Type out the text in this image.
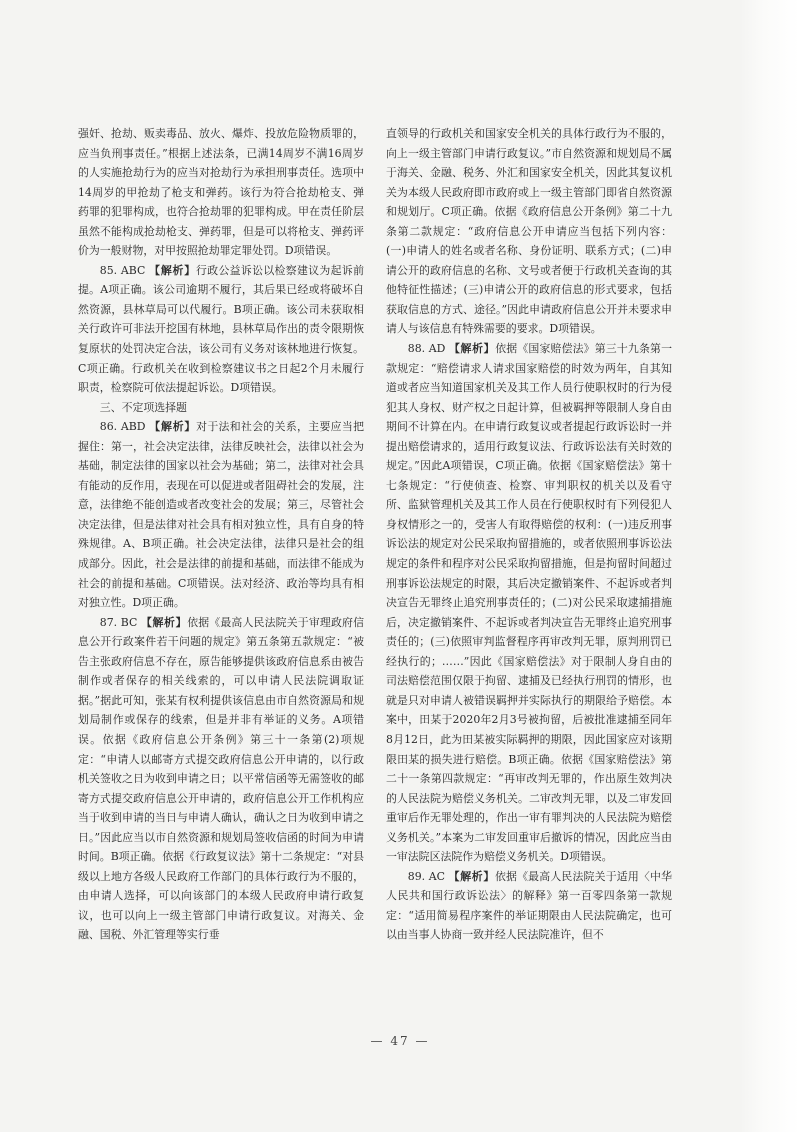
强奸、抢劫、贩卖毒品、放火、爆炸、投放危险物质罪的，应当负刑事责任。”根据上述法条，已满14周岁不满16周岁的人实施抢劫行为的应当对抢劫行为承担刑事责任。选项中14周岁的甲抢劫了枪支和弹药。该行为符合抢劫枪支、弹药罪的犯罪构成，也符合抢劫罪的犯罪构成。甲在责任阶层虽然不能构成抢劫枪支、弹药罪，但是可以将枪支、弹药评价为一般财物，对甲按照抢劫罪定罪处罚。D项错误。

85. ABC 【解析】行政公益诉讼以检察建议为起诉前提。A项正确。该公司逾期不履行，其后果已经或将破坏自然资源，县林草局可以代履行。B项正确。该公司未获取相关行政许可非法开挖国有林地，县林草局作出的责令限期恢复原状的处罚决定合法，该公司有义务对该林地进行恢复。C项正确。行政机关在收到检察建议书之日起2个月未履行职责，检察院可依法提起诉讼。D项错误。

三、不定项选择题

86. ABD 【解析】对于法和社会的关系，主要应当把握住：第一，社会决定法律，法律反映社会，法律以社会为基础，制定法律的国家以社会为基础；第二，法律对社会具有能动的反作用，表现在可以促进或者阻碍社会的发展，注意，法律绝不能创造或者改变社会的发展；第三，尽管社会决定法律，但是法律对社会具有相对独立性，具有自身的特殊规律。A、B项正确。社会决定法律，法律只是社会的组成部分。因此，社会是法律的前提和基础，而法律不能成为社会的前提和基础。C项错误。法对经济、政治等均具有相对独立性。D项正确。

87. BC 【解析】依据《最高人民法院关于审理政府信息公开行政案件若干问题的规定》第五条第五款规定：“被告主张政府信息不存在，原告能够提供该政府信息系由被告制作或者保存的相关线索的，可以申请人民法院调取证据。”据此可知，张某有权利提供该信息由市自然资源局和规划局制作或保存的线索，但是并非有举证的义务。A项错误。依据《政府信息公开条例》第三十一条第(2)项规定：“申请人以邮寄方式提交政府信息公开申请的，以行政机关签收之日为收到申请之日；以平常信函等无需签收的邮寄方式提交政府信息公开申请的，政府信息公开工作机构应当于收到申请的当日与申请人确认，确认之日为收到申请之日。”因此应当以市自然资源和规划局签收信函的时间为申请时间。B项正确。依据《行政复议法》第十二条规定：“对县级以上地方各级人民政府工作部门的具体行政行为不服的，由申请人选择，可以向该部门的本级人民政府申请行政复议，也可以向上一级主管部门申请行政复议。对海关、金融、国税、外汇管理等实行垂

直领导的行政机关和国家安全机关的具体行政行为不服的，向上一级主管部门申请行政复议。”市自然资源和规划局不属于海关、金融、税务、外汇和国家安全机关，因此其复议机关为本级人民政府即市政府或上一级主管部门即省自然资源和规划厅。C项正确。依据《政府信息公开条例》第二十九条第二款规定：“政府信息公开申请应当包括下列内容：(一)申请人的姓名或者名称、身份证明、联系方式；(二)申请公开的政府信息的名称、文号或者便于行政机关查询的其他特征性描述；(三)申请公开的政府信息的形式要求，包括获取信息的方式、途径。”因此申请政府信息公开并未要求申请人与该信息有特殊需要的要求。D项错误。

88. AD 【解析】依据《国家赔偿法》第三十九条第一款规定：“赔偿请求人请求国家赔偿的时效为两年，自其知道或者应当知道国家机关及其工作人员行使职权时的行为侵犯其人身权、财产权之日起计算，但被羁押等限制人身自由期间不计算在内。在申请行政复议或者提起行政诉讼时一并提出赔偿请求的，适用行政复议法、行政诉讼法有关时效的规定。”因此A项错误，C项正确。依据《国家赔偿法》第十七条规定：“行使侦查、检察、审判职权的机关以及看守所、监狱管理机关及其工作人员在行使职权时有下列侵犯人身权情形之一的，受害人有取得赔偿的权利：(一)违反刑事诉讼法的规定对公民采取拘留措施的，或者依照刑事诉讼法规定的条件和程序对公民采取拘留措施，但是拘留时间超过刑事诉讼法规定的时限，其后决定撤销案件、不起诉或者判决宣告无罪终止追究刑事责任的；(二)对公民采取逮捕措施后，决定撤销案件、不起诉或者判决宣告无罪终止追究刑事责任的；(三)依照审判监督程序再审改判无罪，原判刑罚已经执行的；……”因此《国家赔偿法》对于限制人身自由的司法赔偿范围仅限于拘留、逮捕及已经执行刑罚的情形，也就是只对申请人被错误羁押并实际执行的期限给予赔偿。本案中，田某于2020年2月3号被拘留，后被批准逮捕至同年8月12日，此为田某被实际羁押的期限，因此国家应对该期限田某的损失进行赔偿。B项正确。依据《国家赔偿法》第二十一条第四款规定：“再审改判无罪的，作出原生效判决的人民法院为赔偿义务机关。二审改判无罪，以及二审发回重审后作无罪处理的，作出一审有罪判决的人民法院为赔偿义务机关。”本案为二审发回重审后撤诉的情况，因此应当由一审法院区法院作为赔偿义务机关。D项错误。

89. AC 【解析】依据《最高人民法院关于适用〈中华人民共和国行政诉讼法〉的解释》第一百零四条第一款规定：“适用简易程序案件的举证期限由人民法院确定，也可以由当事人协商一致并经人民法院准许，但不

— 47 —
